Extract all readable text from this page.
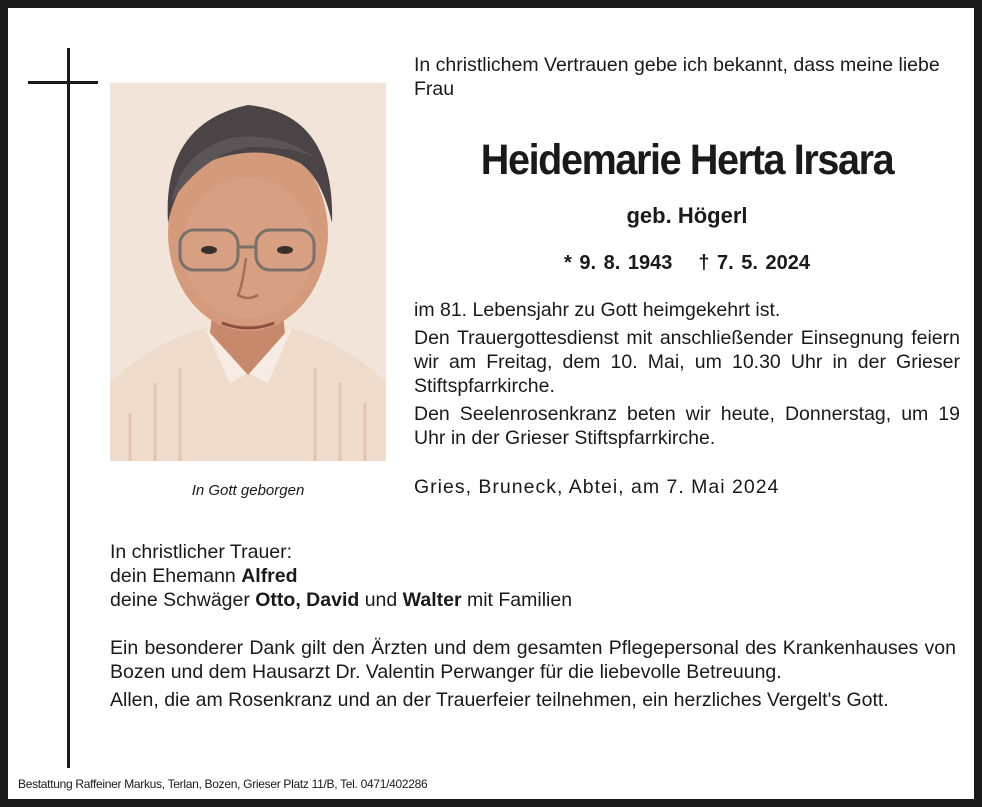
In Gott geborgen
In christlichem Vertrauen gebe ich bekannt, dass meine liebe Frau
Heidemarie Herta Irsara
geb. Högerl
* 9. 8. 1943 † 7. 5. 2024

im 81. Lebensjahr zu Gott heimgekehrt ist.

Den Trauergottesdienst mit anschließender Einsegnung feiern wir am Freitag, dem 10. Mai, um 10.30 Uhr in der Grieser Stiftspfarrkirche.

Den Seelenrosenkranz beten wir heute, Donnerstag, um 19 Uhr in der Grieser Stiftspfarrkirche.

Gries, Bruneck, Abtei, am 7. Mai 2024
In christlicher Trauer:
dein Ehemann Alfred
deine Schwäger Otto, David und Walter mit Familien

Ein besonderer Dank gilt den Ärzten und dem gesamten Pflegepersonal des Krankenhauses von Bozen und dem Hausarzt Dr. Valentin Perwanger für die liebevolle Betreuung.

Allen, die am Rosenkranz und an der Trauerfeier teilnehmen, ein herzliches Vergelt's Gott.

Bestattung Raffeiner Markus, Terlan, Bozen, Grieser Platz 11/B, Tel. 0471/402286
